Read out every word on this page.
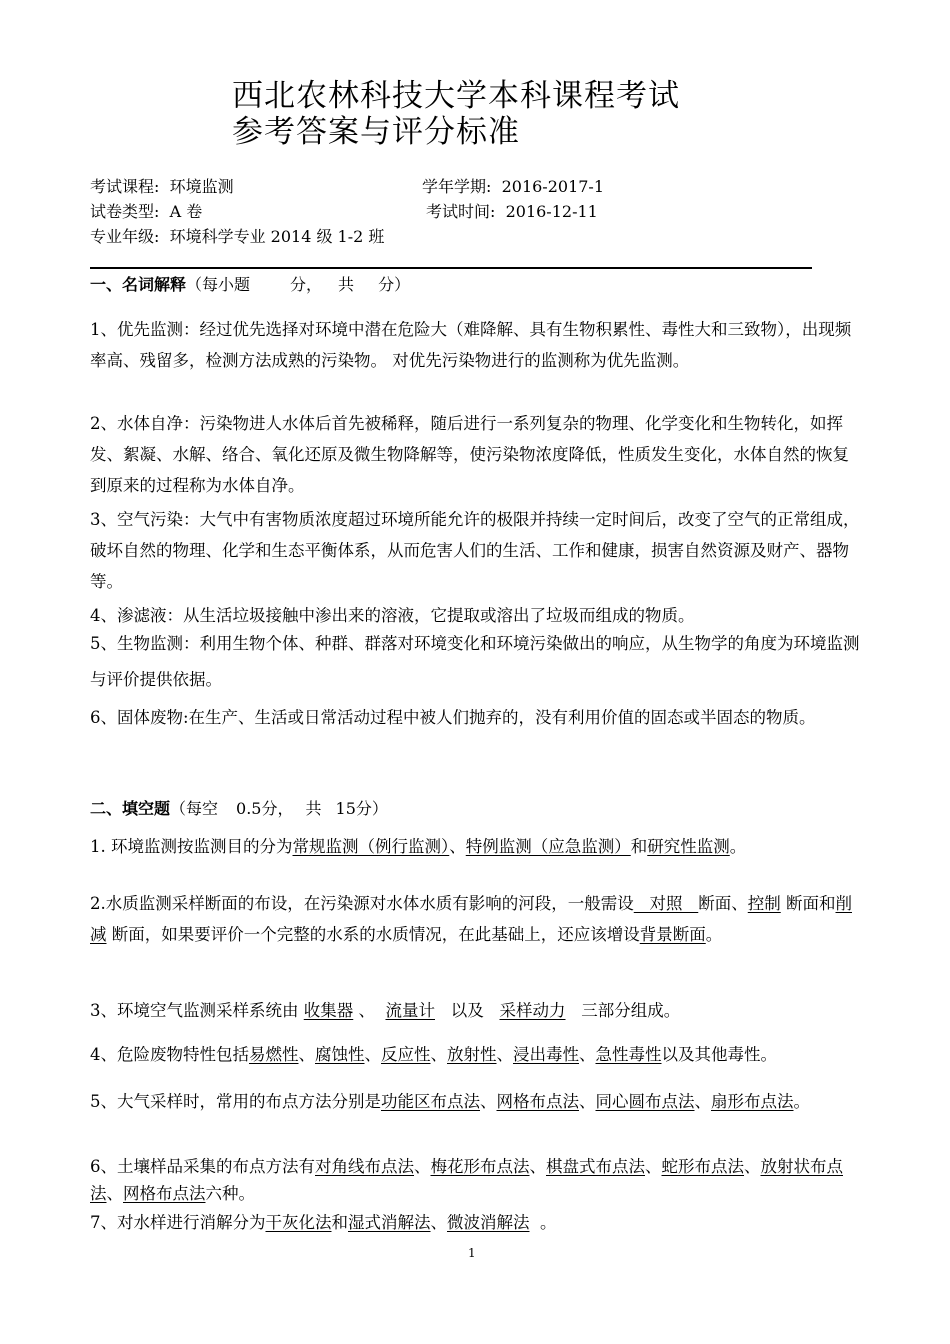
西北农林科技大学本科课程考试
参考答案与评分标准
考试课程: 环境监测	学年学期: 2016-2017-1
试卷类型: A 卷	考试时间: 2016-12-11
专业年级: 环境科学专业 2014 级 1-2 班
一、名词解释（每小题	分， 共 分）
1、优先监测：经过优先选择对环境中潜在危险大（难降解、具有生物积累性、毒性大和三致物），出现频率高、残留多，检测方法成熟的污染物。 对优先污染物进行的监测称为优先监测。
2、水体自净：污染物进人水体后首先被稀释，随后进行一系列复杂的物理、化学变化和生物转化，如挥发、絮凝、水解、络合、氧化还原及微生物降解等，使污染物浓度降低，性质发生变化，水体自然的恢复到原来的过程称为水体自净。
3、空气污染：大气中有害物质浓度超过环境所能允许的极限并持续一定时间后，改变了空气的正常组成，破坏自然的物理、化学和生态平衡体系，从而危害人们的生活、工作和健康，损害自然资源及财产、器物等。
4、渗滤液：从生活垃圾接触中渗出来的溶液，它提取或溶出了垃圾而组成的物质。
5、生物监测：利用生物个体、种群、群落对环境变化和环境污染做出的响应，从生物学的角度为环境监测与评价提供依据。
6、固体废物:在生产、生活或日常活动过程中被人们抛弃的，没有利用价值的固态或半固态的物质。
二、填空题（每空 0.5分， 共 15分）
1. 环境监测按监测目的分为常规监测（例行监测）、特例监测（应急监测）和研究性监测。
2.水质监测采样断面的布设，在污染源对水体水质有影响的河段，一般需设 对照 断面、控制 断面和削减 断面，如果要评价一个完整的水系的水质情况，在此基础上，还应该增设背景断面。
3、环境空气监测采样系统由 收集器 、 流量计 以及 采样动力 三部分组成。
4、危险废物特性包括易燃性、腐蚀性、反应性、放射性、浸出毒性、急性毒性以及其他毒性。
5、大气采样时，常用的布点方法分别是功能区布点法、网格布点法、同心圆布点法、扇形布点法。
6、土壤样品采集的布点方法有对角线布点法、梅花形布点法、棋盘式布点法、蛇形布点法、放射状布点法、网格布点法六种。
7、对水样进行消解分为干灰化法和湿式消解法、微波消解法 。
1
